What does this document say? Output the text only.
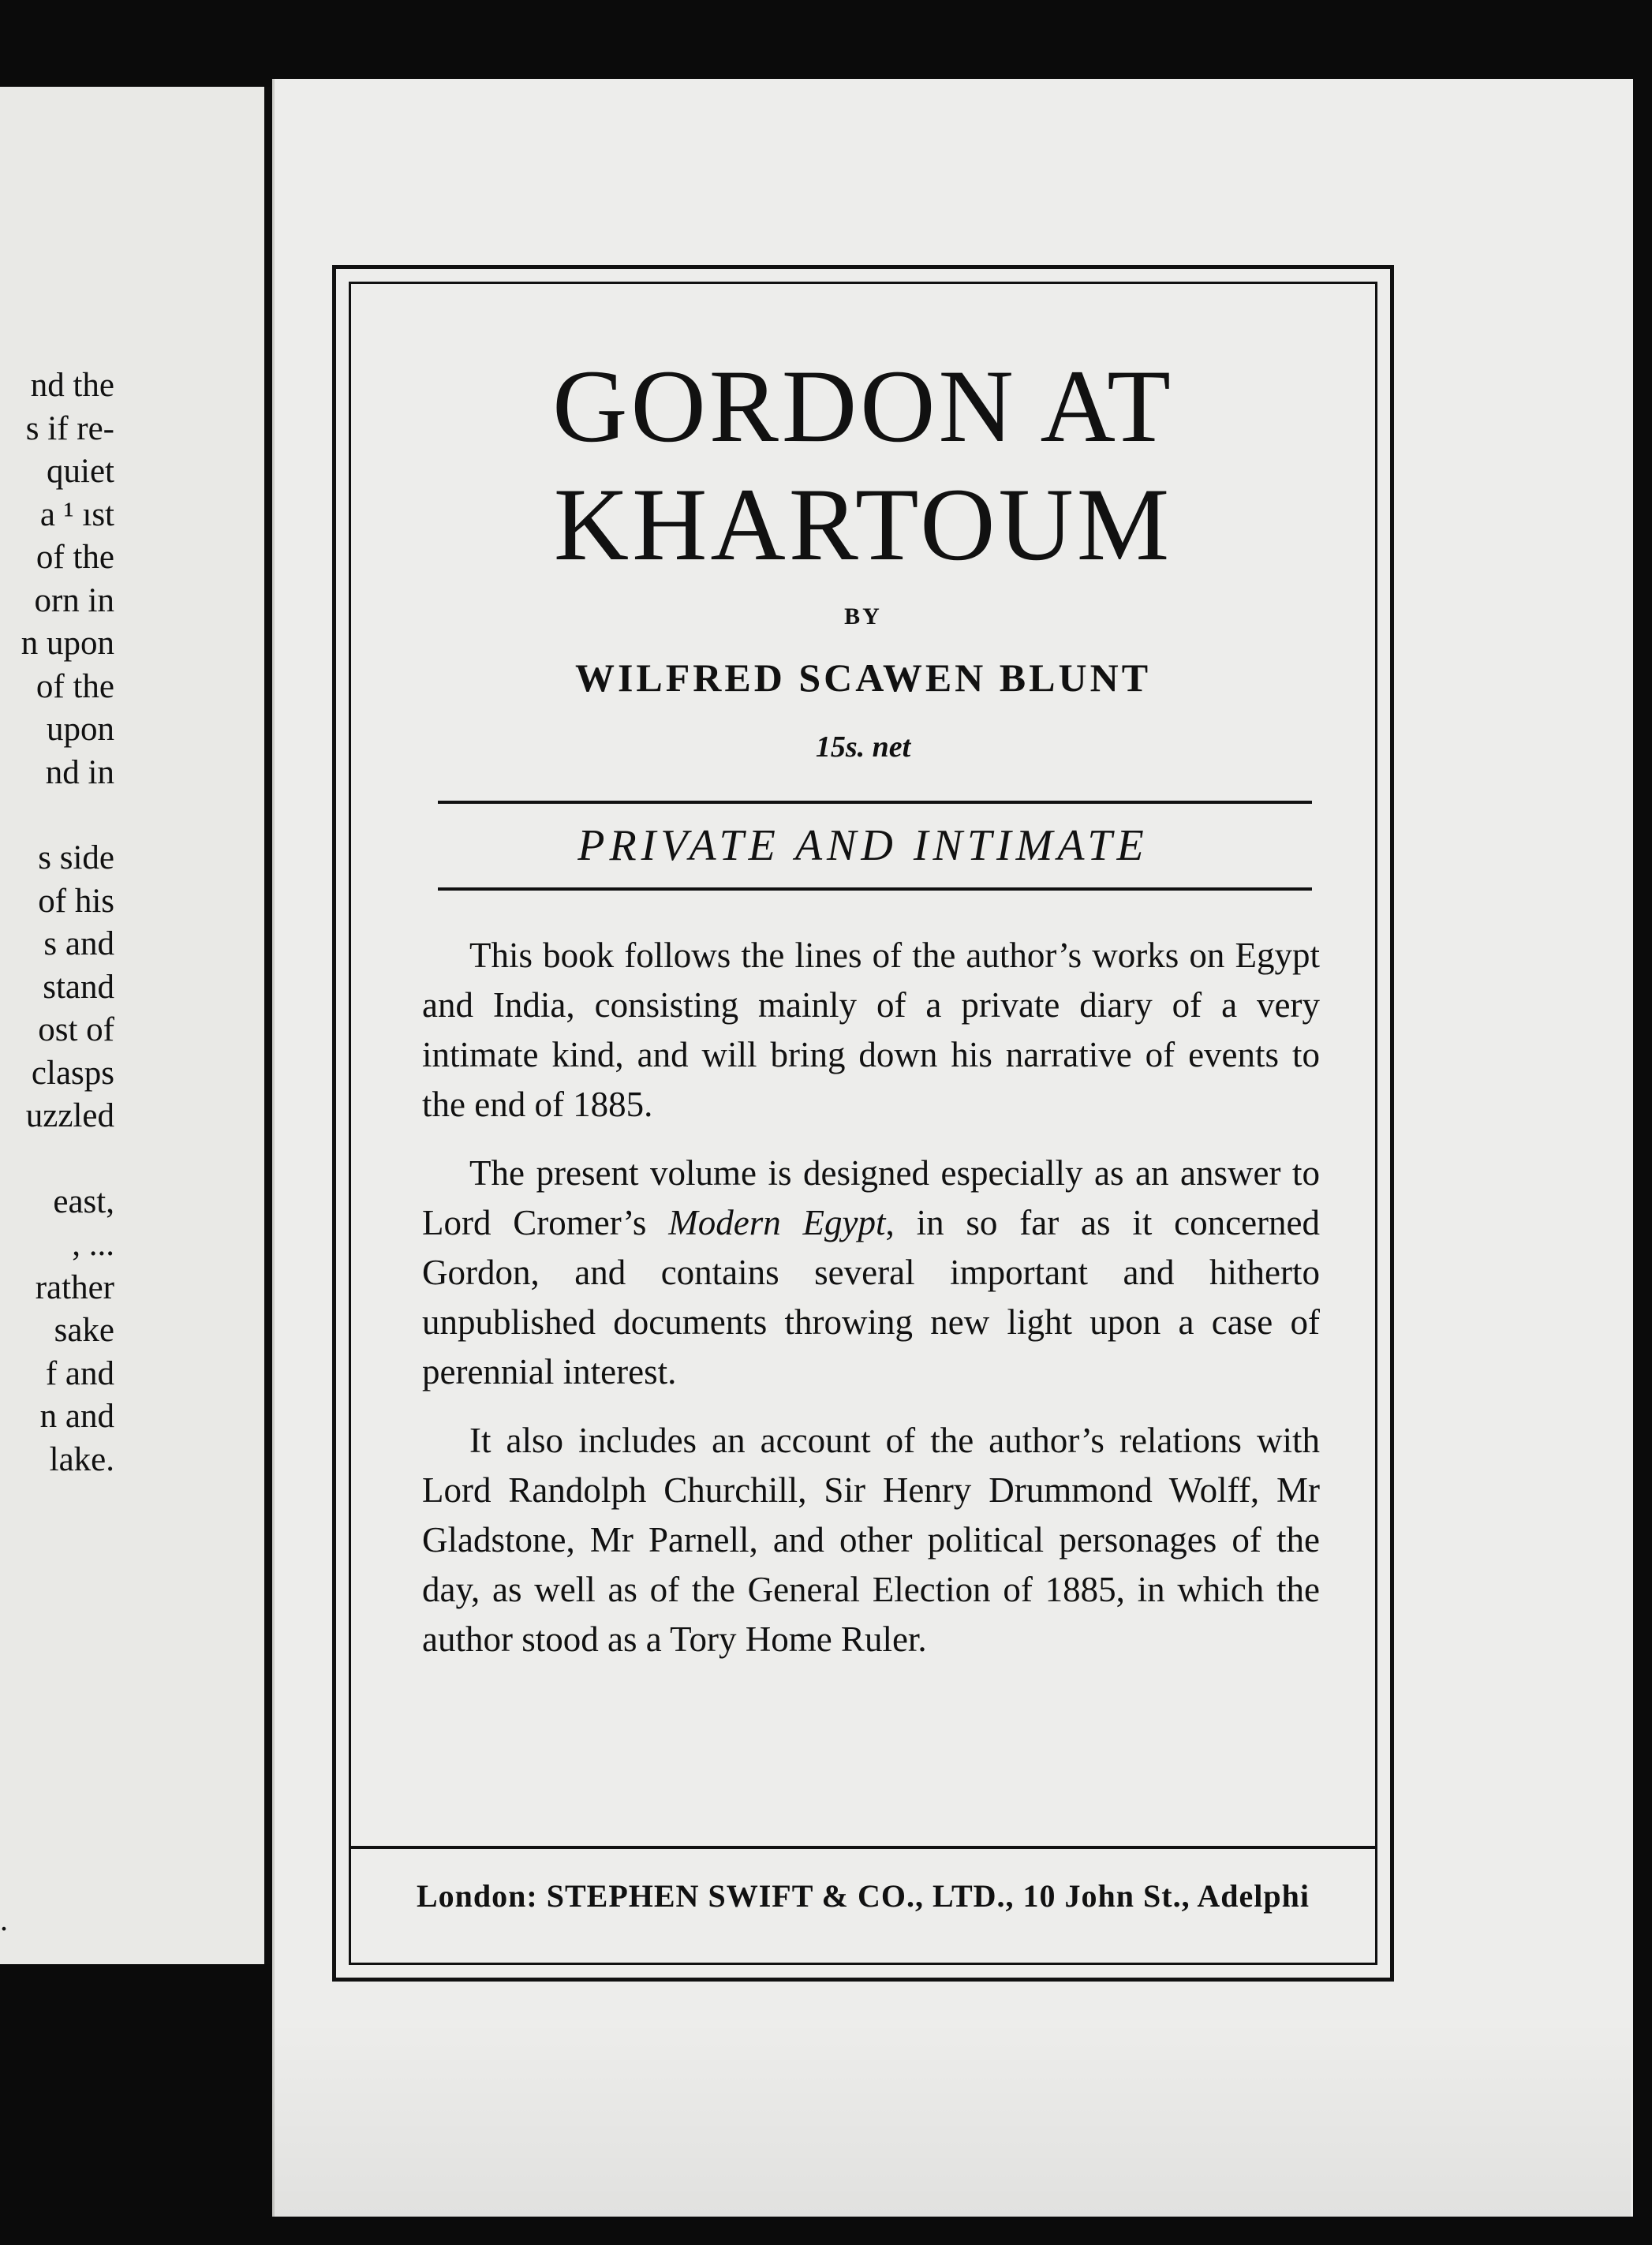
nd the
s if re-
quiet
a ¹ ıst
of the
orn in
n upon
of the
upon
nd in
s side
of his
s and
stand
ost of
clasps
uzzled
east,
, ...
rather
sake
f and
n and
lake.
.
GORDON AT
KHARTOUM
BY
WILFRED SCAWEN BLUNT
15s. net
PRIVATE AND INTIMATE

This book follows the lines of the author’s works on Egypt and India, consisting mainly of a private diary of a very intimate kind, and will bring down his narrative of events to the end of 1885.

The present volume is designed especially as an answer to Lord Cromer’s Modern Egypt, in so far as it concerned Gordon, and contains several important and hitherto unpublished documents throwing new light upon a case of perennial interest.

It also includes an account of the author’s relations with Lord Randolph Churchill, Sir Henry Drummond Wolff, Mr Gladstone, Mr Parnell, and other political personages of the day, as well as of the General Election of 1885, in which the author stood as a Tory Home Ruler.

London: STEPHEN SWIFT & CO., LTD., 10 John St., Adelphi
